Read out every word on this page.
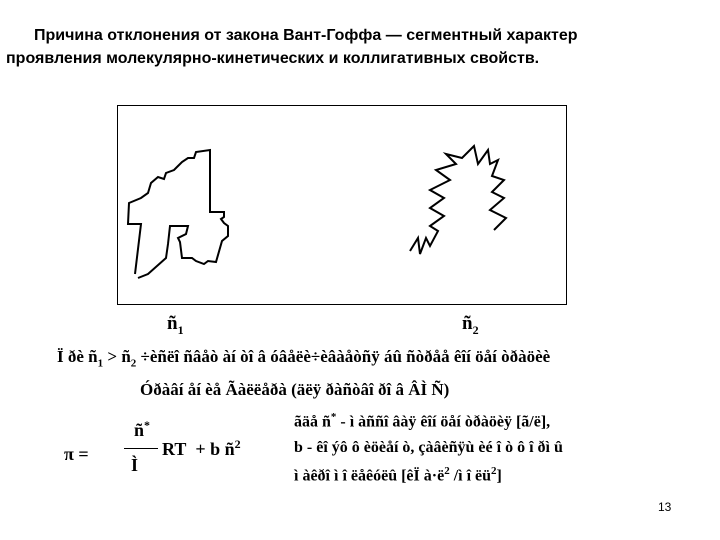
Причина отклонения от закона Вант-Гоффа — сегментный характер
проявления молекулярно-кинетических и коллигативных свойств.
$ñ_1$	$ñ_2$
Ï ðè $ñ_1$ > $ñ_2$ ÷èñëî ñâåò àí òî â óâåëè÷èâàåòñÿ áû ñòðåå êîí öåí òðàöèè
Óðàâí åí èå Ãàëëåðà (äëÿ ðàñòâî ðî â ÂÌ Ñ)
π =
ñ*
Ì
RT + b $ñ^2$
ãäå ñ* - ì àññî âàÿ êîí öåí òðàöèÿ [ã/ë],
b - êî ýô ô èöèåí ò, çàâèñÿù èé î ò ô î ðì û
ì àêðî ì î ëåêóëû [êÏ $à\cdot ë^2$ /ì î $ëü^2$]
13
